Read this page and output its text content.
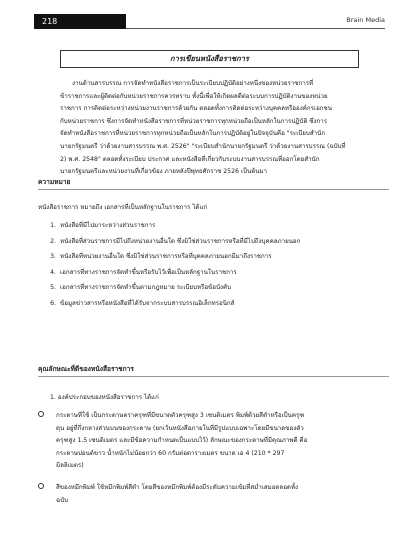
218	Brain Media
การเขียนหนังสือราชการ
งานด้านสารบรรณ การจัดทำหนังสือราชการเป็นระเบียบปฏิบัติอย่างหนึ่งของหน่วยราชการที่
ข้าราชการและผู้ติดต่อกับหน่วยราชการควรทราบ ทั้งนี้เพื่อให้เกิดผลดีต่อระบบการปฏิบัติงานของหน่วย
ราชการ การติดต่อระหว่างหน่วยงานราชการด้วยกัน ตลอดทั้งการติดต่อระหว่างบุคคลหรือองค์กรเอกชน
กับหน่วยราชการ ซึ่งการจัดทำหนังสือราชการที่หน่วยราชการทุกหน่วยถือเป็นหลักในการปฏิบัติ ซึ่งการ
จัดทำหนังสือราชการที่หน่วยราชการทุกหน่วยถือเป็นหลักในการปฏิบัติอยู่ในปัจจุบันคือ "ระเบียบสำนัก
นายกรัฐมนตรี ว่าด้วยงานสารบรรณ พ.ศ. 2526" "ระเบียบสำนักนายกรัฐมนตรี ว่าด้วยงานสารบรรณ (ฉบับที่
2) พ.ศ. 2548" ตลอดทั้งระเบียบ ประกาศ และหนังสือที่เกี่ยวกับระบบงานสารบรรณที่ออกโดยสำนัก
นายกรัฐมนตรีและหน่วยงานที่เกี่ยวข้อง ภายหลังปีพุทธศักราช 2526 เป็นต้นมา
ความหมาย
หนังสือราชการ หมายถึง เอกสารที่เป็นหลักฐานในราชการ ได้แก่
1. หนังสือที่มีไปมาระหว่างส่วนราชการ
2. หนังสือที่ส่วนราชการมีไปถึงหน่วยงานอื่นใด ซึ่งมิใช่ส่วนราชการหรือที่มีไปถึงบุคคลภายนอก
3. หนังสือที่หน่วยงานอื่นใด ซึ่งมิใช่ส่วนราชการหรือที่บุคคลภายนอกมีมาถึงราชการ
4. เอกสารที่ทางราชการจัดทำขึ้นหรือรับไว้เพื่อเป็นหลักฐานในราชการ
5. เอกสารที่ทางราชการจัดทำขึ้นตามกฎหมาย ระเบียบหรือข้อบังคับ
6. ข้อมูลข่าวสารหรือหนังสือที่ได้รับจากระบบสารบรรณอิเล็กทรอนิกส์
คุณลักษณะที่ดีของหนังสือราชการ
1. องค์ประกอบของหนังสือราชการ ได้แก่
กระดาษที่ใช้ เป็นกระดาษตราครุฑที่มีขนาดตัวครุฑสูง 3 เซนติเมตร พิมพ์ด้วยสีดำหรือเป็นครุฑ
ดุน อยู่ที่กึ่งกลางส่วนบนของกระดาษ (ยกเว้นหนังสือภายในที่มีรูปแบบเฉพาะโดยมีขนาดของตัว
ครุฑสูง 1.5 เซนติเมตร และมีข้อความกำหนดเป็นแบบไว้) ลักษณะของกระดาษที่มีคุณภาพดี คือ
กระดาษปอนด์ขาว น้ำหนักไม่น้อยกว่า 60 กรัมต่อตารางเมตร ขนาด เอ 4 (210 * 297
มิลลิเมตร)
สีของหมึกพิมพ์ ใช้หมึกพิมพ์สีดำ โดยสีของหมึกพิมพ์ต้องมีระดับความเข้มที่สม่ำเสมอตลอดทั้ง
ฉบับ
